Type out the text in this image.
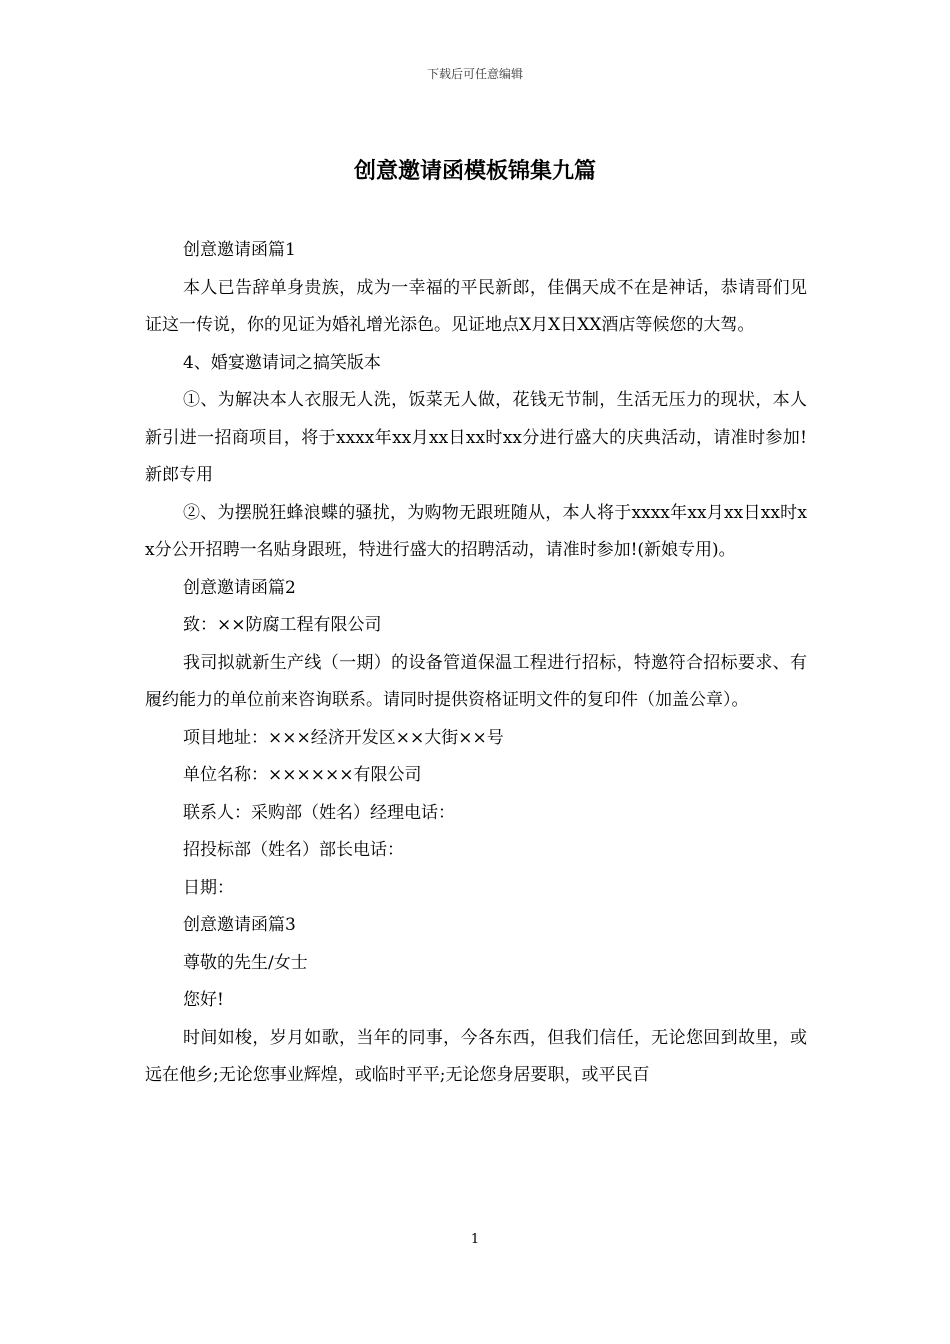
下载后可任意编辑
创意邀请函模板锦集九篇

创意邀请函篇1

本人已告辞单身贵族，成为一幸福的平民新郎，佳偶天成不在是神话，恭请哥们见证这一传说，你的见证为婚礼增光添色。见证地点X月X日XX酒店等候您的大驾。

4、婚宴邀请词之搞笑版本

①、为解决本人衣服无人洗，饭菜无人做，花钱无节制，生活无压力的现状，本人新引进一招商项目，将于xxxx年xx月xx日xx时xx分进行盛大的庆典活动，请准时参加!新郎专用

②、为摆脱狂蜂浪蝶的骚扰，为购物无跟班随从，本人将于xxxx年xx月xx日xx时xx分公开招聘一名贴身跟班，特进行盛大的招聘活动，请准时参加!(新娘专用)。

创意邀请函篇2

致：××防腐工程有限公司

我司拟就新生产线（一期）的设备管道保温工程进行招标，特邀符合招标要求、有履约能力的单位前来咨询联系。请同时提供资格证明文件的复印件（加盖公章）。

项目地址：×××经济开发区××大街××号

单位名称：××××××有限公司

联系人：采购部（姓名）经理电话：

招投标部（姓名）部长电话：

日期：

创意邀请函篇3

尊敬的先生/女士

您好!

时间如梭，岁月如歌，当年的同事，今各东西，但我们信任，无论您回到故里，或远在他乡;无论您事业辉煌，或临时平平;无论您身居要职，或平民百

1
